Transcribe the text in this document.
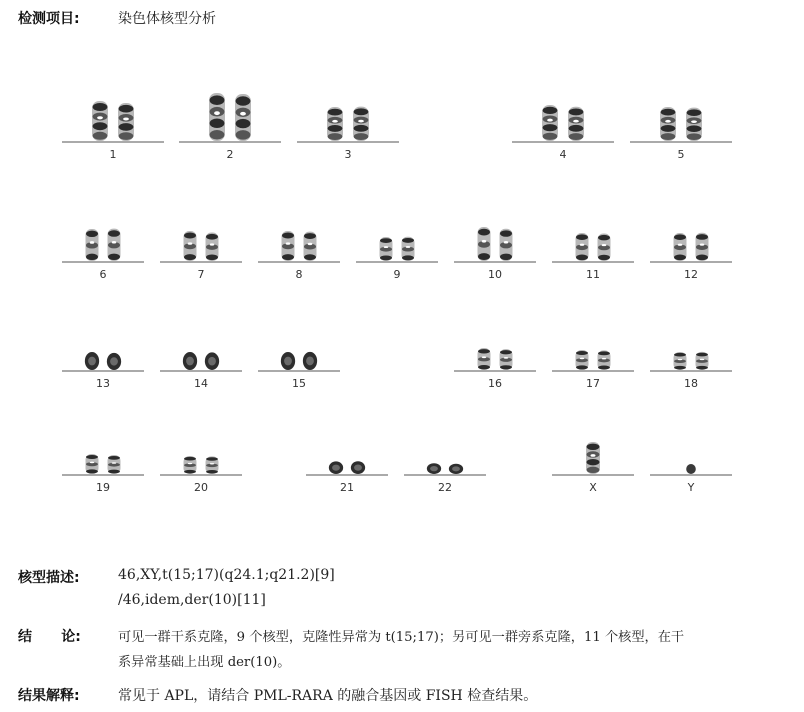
检测项目:	染色体核型分析
1	2	3	4	5
6	7	8	9	10	11	12
13	14	15	16	17	18
19	20	21	22	X	Y
核型描述:	46,XY,t(15;17)(q24.1;q21.2)[9]
/46,idem,der(10)[11]
结      论:	可见一群干系克隆，9 个核型，克隆性异常为 t(15;17)；另可见一群旁系克隆，11 个核型，在干
系异常基础上出现 der(10)。
结果解释:	常见于 APL，请结合 PML-RARA 的融合基因或 FISH 检查结果。
